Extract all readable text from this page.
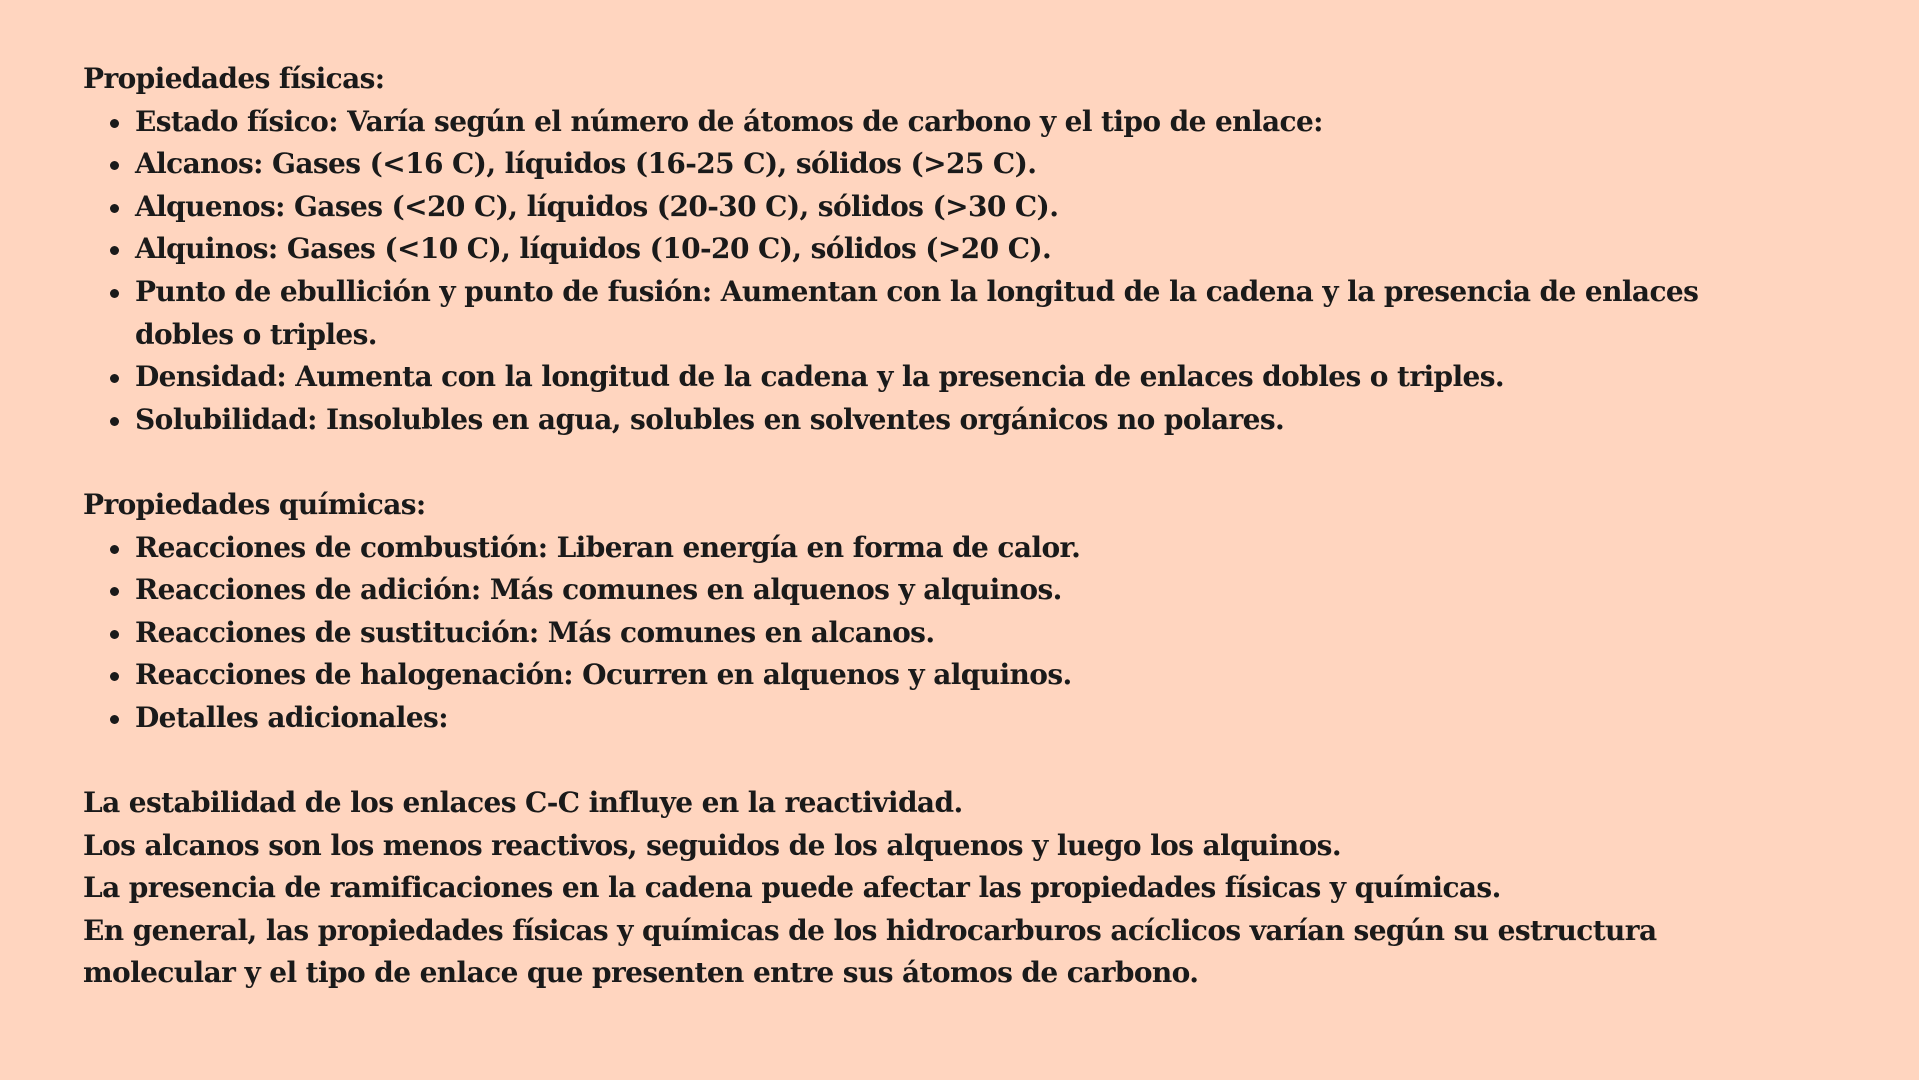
Propiedades físicas:
Estado físico: Varía según el número de átomos de carbono y el tipo de enlace:
Alcanos: Gases (<16 C), líquidos (16-25 C), sólidos (>25 C).
Alquenos: Gases (<20 C), líquidos (20-30 C), sólidos (>30 C).
Alquinos: Gases (<10 C), líquidos (10-20 C), sólidos (>20 C).
Punto de ebullición y punto de fusión: Aumentan con la longitud de la cadena y la presencia de enlaces dobles o triples.
Densidad: Aumenta con la longitud de la cadena y la presencia de enlaces dobles o triples.
Solubilidad: Insolubles en agua, solubles en solventes orgánicos no polares.
Propiedades químicas:
Reacciones de combustión: Liberan energía en forma de calor.
Reacciones de adición: Más comunes en alquenos y alquinos.
Reacciones de sustitución: Más comunes en alcanos.
Reacciones de halogenación: Ocurren en alquenos y alquinos.
Detalles adicionales:

La estabilidad de los enlaces C-C influye en la reactividad.

Los alcanos son los menos reactivos, seguidos de los alquenos y luego los alquinos.

La presencia de ramificaciones en la cadena puede afectar las propiedades físicas y químicas.

En general, las propiedades físicas y químicas de los hidrocarburos acíclicos varían según su estructura molecular y el tipo de enlace que presenten entre sus átomos de carbono.
